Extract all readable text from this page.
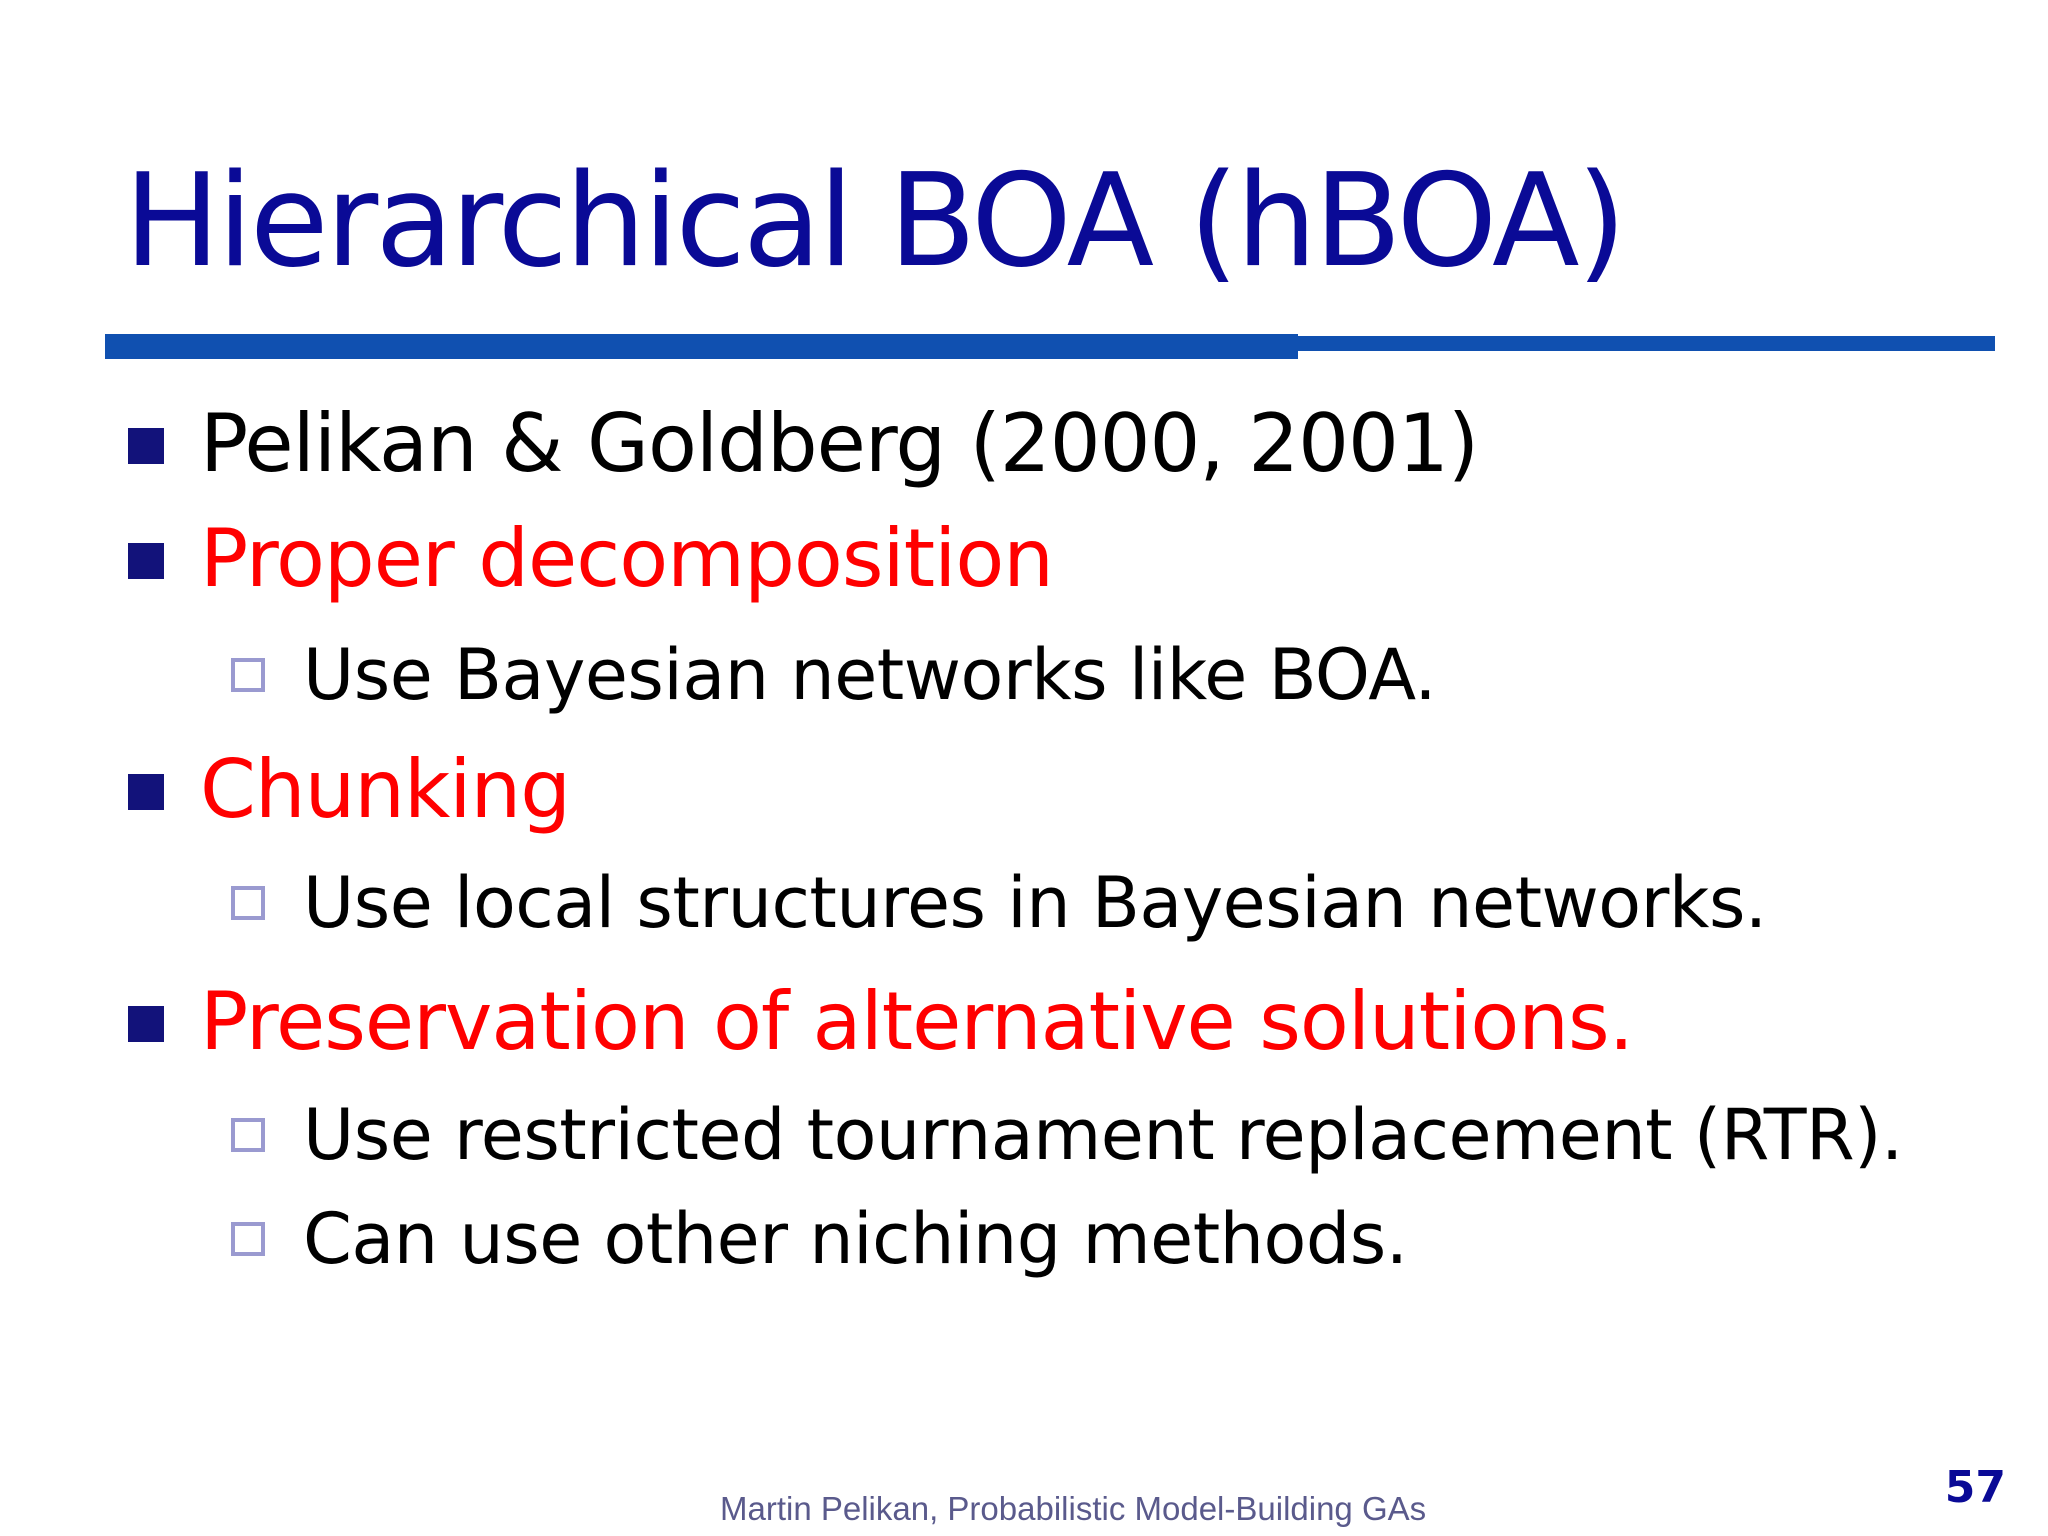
Hierarchical BOA (hBOA)
Pelikan & Goldberg (2000, 2001)
Proper decomposition
Use Bayesian networks like BOA.
Chunking
Use local structures in Bayesian networks.
Preservation of alternative solutions.
Use restricted tournament replacement (RTR).
Can use other niching methods.
Martin Pelikan, Probabilistic Model-Building GAs	57
